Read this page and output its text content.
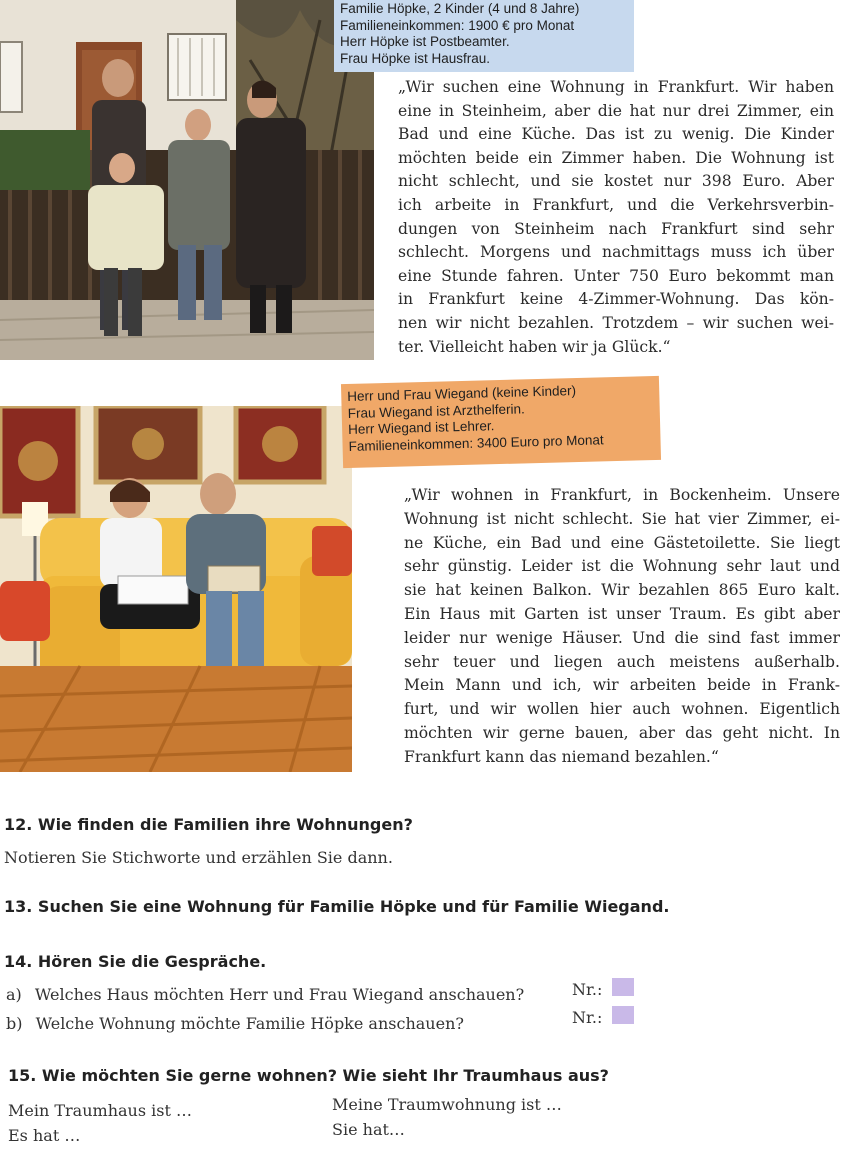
Familie Höpke, 2 Kinder (4 und 8 Jahre)
Familieneinkommen: 1900 € pro Monat
Herr Höpke ist Postbeamter.
Frau Höpke ist Hausfrau.
„Wir suchen eine Wohnung in Frankfurt. Wir haben
eine in Steinheim, aber die hat nur drei Zimmer, ein
Bad und eine Küche. Das ist zu wenig. Die Kinder
möchten beide ein Zimmer haben. Die Wohnung ist
nicht schlecht, und sie kostet nur 398 Euro. Aber
ich arbeite in Frankfurt, und die Verkehrsverbin-
dungen von Steinheim nach Frankfurt sind sehr
schlecht. Morgens und nachmittags muss ich über
eine Stunde fahren. Unter 750 Euro bekommt man
in Frankfurt keine 4-Zimmer-Wohnung. Das kön-
nen wir nicht bezahlen. Trotzdem – wir suchen wei-
ter. Vielleicht haben wir ja Glück.“
Herr und Frau Wiegand (keine Kinder)
Frau Wiegand ist Arzthelferin.
Herr Wiegand ist Lehrer.
Familieneinkommen: 3400 Euro pro Monat
„Wir wohnen in Frankfurt, in Bockenheim. Unsere
Wohnung ist nicht schlecht. Sie hat vier Zimmer, ei-
ne Küche, ein Bad und eine Gästetoilette. Sie liegt
sehr günstig. Leider ist die Wohnung sehr laut und
sie hat keinen Balkon. Wir bezahlen 865 Euro kalt.
Ein Haus mit Garten ist unser Traum. Es gibt aber
leider nur wenige Häuser. Und die sind fast immer
sehr teuer und liegen auch meistens außerhalb.
Mein Mann und ich, wir arbeiten beide in Frank-
furt, und wir wollen hier auch wohnen. Eigentlich
möchten wir gerne bauen, aber das geht nicht. In
Frankfurt kann das niemand bezahlen.“
12. Wie finden die Familien ihre Wohnungen?
Notieren Sie Stichworte und erzählen Sie dann.
13. Suchen Sie eine Wohnung für Familie Höpke und für Familie Wiegand.
14. Hören Sie die Gespräche.
a) Welches Haus möchten Herr und Frau Wiegand anschauen?	Nr.:
b) Welche Wohnung möchte Familie Höpke anschauen?	Nr.:
15. Wie möchten Sie gerne wohnen? Wie sieht Ihr Traumhaus aus?
Mein Traumhaus ist …
Es hat …
Meine Traumwohnung ist …
Sie hat…
